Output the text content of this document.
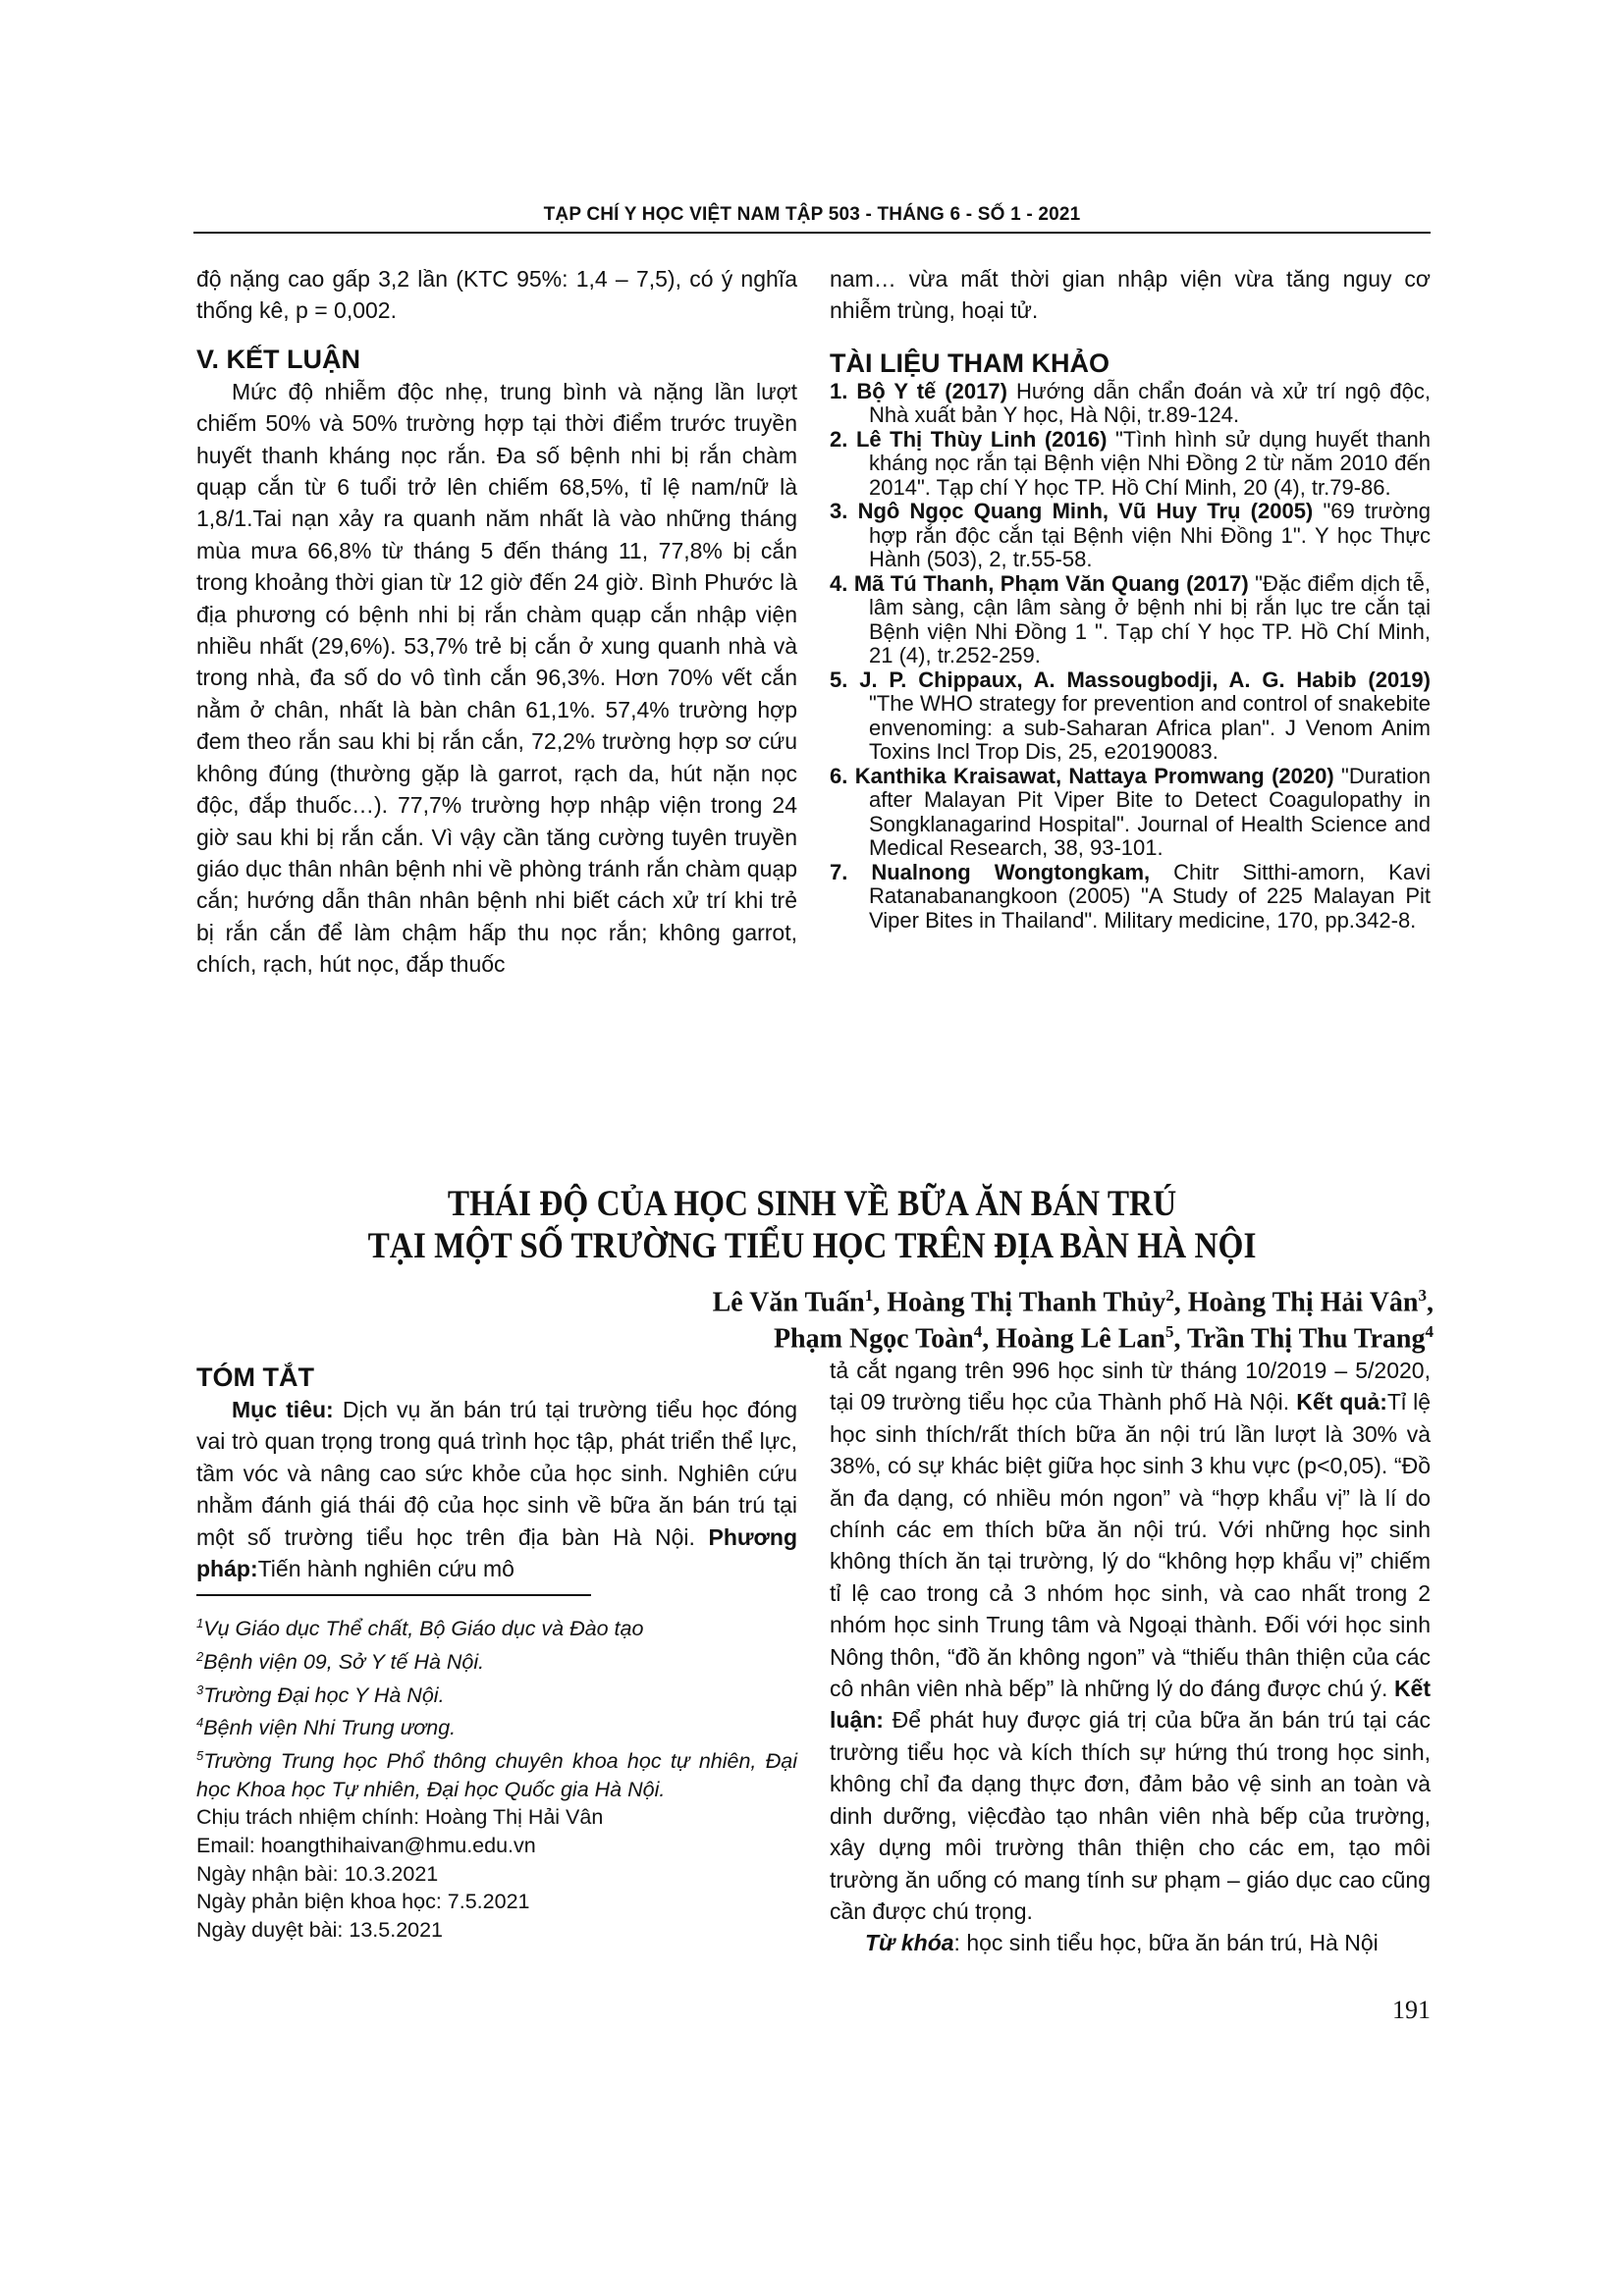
TẠP CHÍ Y HỌC VIỆT NAM TẬP 503 - THÁNG 6 - SỐ 1 - 2021

độ nặng cao gấp 3,2 lần (KTC 95%: 1,4 – 7,5), có ý nghĩa thống kê, p = 0,002.

V. KẾT LUẬN

Mức độ nhiễm độc nhẹ, trung bình và nặng lần lượt chiếm 50% và 50% trường hợp tại thời điểm trước truyền huyết thanh kháng nọc rắn. Đa số bệnh nhi bị rắn chàm quạp cắn từ 6 tuổi trở lên chiếm 68,5%, tỉ lệ nam/nữ là 1,8/1.Tai nạn xảy ra quanh năm nhất là vào những tháng mùa mưa 66,8% từ tháng 5 đến tháng 11, 77,8% bị cắn trong khoảng thời gian từ 12 giờ đến 24 giờ. Bình Phước là địa phương có bệnh nhi bị rắn chàm quạp cắn nhập viện nhiều nhất (29,6%). 53,7% trẻ bị cắn ở xung quanh nhà và trong nhà, đa số do vô tình cắn 96,3%. Hơn 70% vết cắn nằm ở chân, nhất là bàn chân 61,1%. 57,4% trường hợp đem theo rắn sau khi bị rắn cắn, 72,2% trường hợp sơ cứu không đúng (thường gặp là garrot, rạch da, hút nặn nọc độc, đắp thuốc…). 77,7% trường hợp nhập viện trong 24 giờ sau khi bị rắn cắn. Vì vậy cần tăng cường tuyên truyền giáo dục thân nhân bệnh nhi về phòng tránh rắn chàm quạp cắn; hướng dẫn thân nhân bệnh nhi biết cách xử trí khi trẻ bị rắn cắn để làm chậm hấp thu nọc rắn; không garrot, chích, rạch, hút nọc, đắp thuốc

nam… vừa mất thời gian nhập viện vừa tăng nguy cơ nhiễm trùng, hoại tử.

TÀI LIỆU THAM KHẢO

1. Bộ Y tế (2017) Hướng dẫn chẩn đoán và xử trí ngộ độc, Nhà xuất bản Y học, Hà Nội, tr.89-124.

2. Lê Thị Thùy Linh (2016) "Tình hình sử dụng huyết thanh kháng nọc rắn tại Bệnh viện Nhi Đồng 2 từ năm 2010 đến 2014". Tạp chí Y học TP. Hồ Chí Minh, 20 (4), tr.79-86.

3. Ngô Ngọc Quang Minh, Vũ Huy Trụ (2005) "69 trường hợp rắn độc cắn tại Bệnh viện Nhi Đồng 1". Y học Thực Hành (503), 2, tr.55-58.

4. Mã Tú Thanh, Phạm Văn Quang (2017) "Đặc điểm dịch tễ, lâm sàng, cận lâm sàng ở bệnh nhi bị rắn lục tre cắn tại Bệnh viện Nhi Đồng 1 ". Tạp chí Y học TP. Hồ Chí Minh, 21 (4), tr.252-259.

5. J. P. Chippaux, A. Massougbodji, A. G. Habib (2019) "The WHO strategy for prevention and control of snakebite envenoming: a sub-Saharan Africa plan". J Venom Anim Toxins Incl Trop Dis, 25, e20190083.

6. Kanthika Kraisawat, Nattaya Promwang (2020) "Duration after Malayan Pit Viper Bite to Detect Coagulopathy in Songklanagarind Hospital". Journal of Health Science and Medical Research, 38, 93-101.

7. Nualnong Wongtongkam, Chitr Sitthi-amorn, Kavi Ratanabanangkoon (2005) "A Study of 225 Malayan Pit Viper Bites in Thailand". Military medicine, 170, pp.342-8.

THÁI ĐỘ CỦA HỌC SINH VỀ BỮA ĂN BÁN TRÚ
TẠI MỘT SỐ TRƯỜNG TIỂU HỌC TRÊN ĐỊA BÀN HÀ NỘI
Lê Văn Tuấn$^1$, Hoàng Thị Thanh Thủy$^2$, Hoàng Thị Hải Vân$^3$,
Phạm Ngọc Toàn$^4$, Hoàng Lê Lan$^5$, Trần Thị Thu Trang$^4$

TÓM TẮT

Mục tiêu: Dịch vụ ăn bán trú tại trường tiểu học đóng vai trò quan trọng trong quá trình học tập, phát triển thể lực, tầm vóc và nâng cao sức khỏe của học sinh. Nghiên cứu nhằm đánh giá thái độ của học sinh về bữa ăn bán trú tại một số trường tiểu học trên địa bàn Hà Nội. Phương pháp:Tiến hành nghiên cứu mô

$^1$Vụ Giáo dục Thể chất, Bộ Giáo dục và Đào tạo

$^2$Bệnh viện 09, Sở Y tế Hà Nội.

$^3$Trường Đại học Y Hà Nội.

$^4$Bệnh viện Nhi Trung ương.

$^5$Trường Trung học Phổ thông chuyên khoa học tự nhiên, Đại học Khoa học Tự nhiên, Đại học Quốc gia Hà Nội.

Chịu trách nhiệm chính: Hoàng Thị Hải Vân

Email: hoangthihaivan@hmu.edu.vn

Ngày nhận bài: 10.3.2021

Ngày phản biện khoa học: 7.5.2021

Ngày duyệt bài: 13.5.2021

tả cắt ngang trên 996 học sinh từ tháng 10/2019 – 5/2020, tại 09 trường tiểu học của Thành phố Hà Nội. Kết quả:Tỉ lệ học sinh thích/rất thích bữa ăn nội trú lần lượt là 30% và 38%, có sự khác biệt giữa học sinh 3 khu vực (p<0,05). “Đồ ăn đa dạng, có nhiều món ngon” và “hợp khẩu vị” là lí do chính các em thích bữa ăn nội trú. Với những học sinh không thích ăn tại trường, lý do “không hợp khẩu vị” chiếm tỉ lệ cao trong cả 3 nhóm học sinh, và cao nhất trong 2 nhóm học sinh Trung tâm và Ngoại thành. Đối với học sinh Nông thôn, “đồ ăn không ngon” và “thiếu thân thiện của các cô nhân viên nhà bếp” là những lý do đáng được chú ý. Kết luận: Để phát huy được giá trị của bữa ăn bán trú tại các trường tiểu học và kích thích sự hứng thú trong học sinh, không chỉ đa dạng thực đơn, đảm bảo vệ sinh an toàn và dinh dưỡng, việcđào tạo nhân viên nhà bếp của trường, xây dựng môi trường thân thiện cho các em, tạo môi trường ăn uống có mang tính sư phạm – giáo dục cao cũng cần được chú trọng.

Từ khóa: học sinh tiểu học, bữa ăn bán trú, Hà Nội

191
